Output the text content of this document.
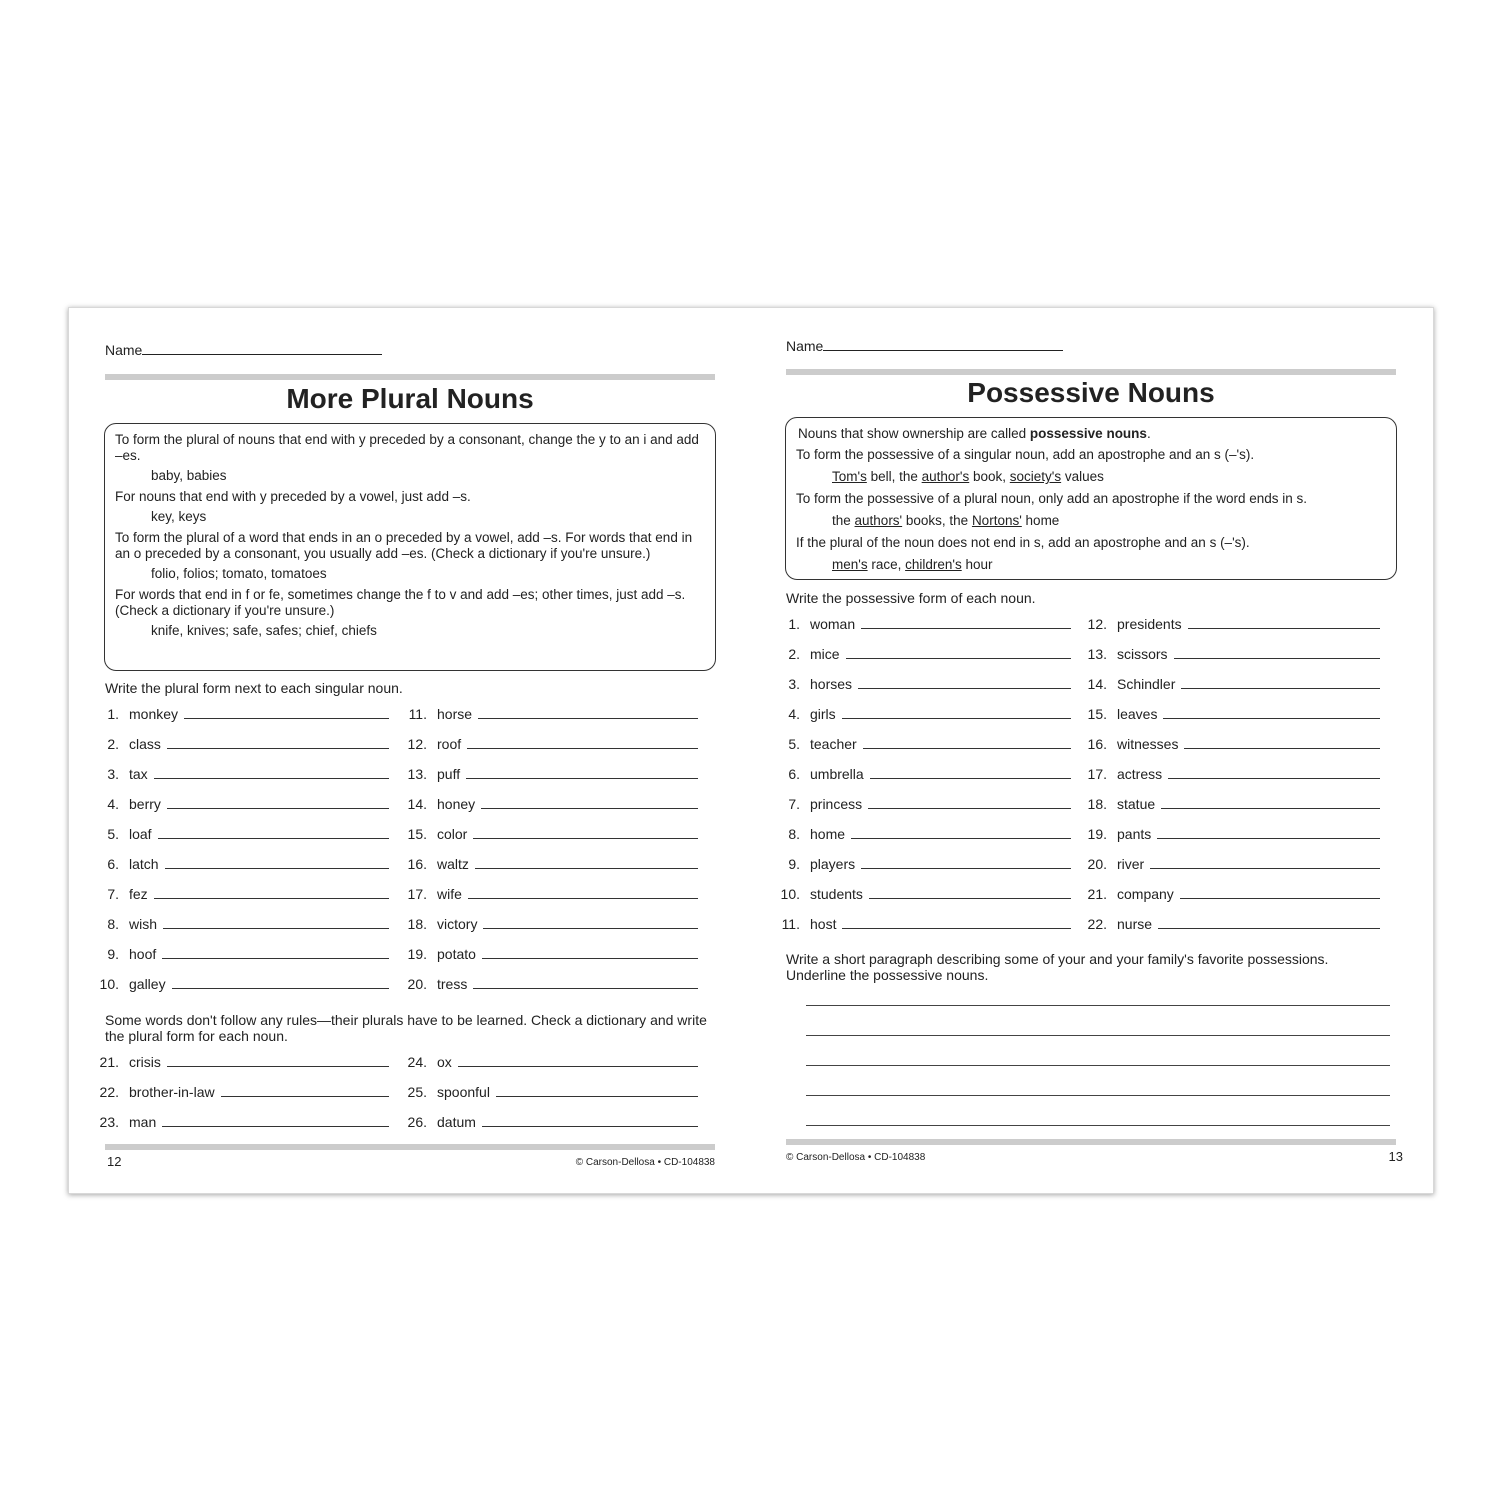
Name
More Plural Nouns

To form the plural of nouns that end with y preceded by a consonant, change the y to an i and add –es.

baby, babies

For nouns that end with y preceded by a vowel, just add –s.

key, keys

To form the plural of a word that ends in an o preceded by a vowel, add –s. For words that end in an o preceded by a consonant, you usually add –es. (Check a dictionary if you're unsure.)

folio, folios; tomato, tomatoes

For words that end in f or fe, sometimes change the f to v and add –es; other times, just add –s. (Check a dictionary if you're unsure.)

knife, knives; safe, safes; chief, chiefs

Write the plural form next to each singular noun.
1. monkey
2. class
3. tax
4. berry
5. loaf
6. latch
7. fez
8. wish
9. hoof
10. galley
11. horse
12. roof
13. puff
14. honey
15. color
16. waltz
17. wife
18. victory
19. potato
20. tress
Some words don't follow any rules—their plurals have to be learned. Check a dictionary and write the plural form for each noun.
21. crisis
22. brother-in-law
23. man
24. ox
25. spoonful
26. datum
12	© Carson-Dellosa • CD-104838
Name
Possessive Nouns

Nouns that show ownership are called possessive nouns.

To form the possessive of a singular noun, add an apostrophe and an s (–'s).

Tom's bell, the author's book, society's values

To form the possessive of a plural noun, only add an apostrophe if the word ends in s.

the authors' books, the Nortons' home

If the plural of the noun does not end in s, add an apostrophe and an s (–'s).

men's race, children's hour

Write the possessive form of each noun.
1. woman
2. mice
3. horses
4. girls
5. teacher
6. umbrella
7. princess
8. home
9. players
10. students
11. host
12. presidents
13. scissors
14. Schindler
15. leaves
16. witnesses
17. actress
18. statue
19. pants
20. river
21. company
22. nurse
Write a short paragraph describing some of your and your family's favorite possessions. Underline the possessive nouns.
© Carson-Dellosa • CD-104838	13
